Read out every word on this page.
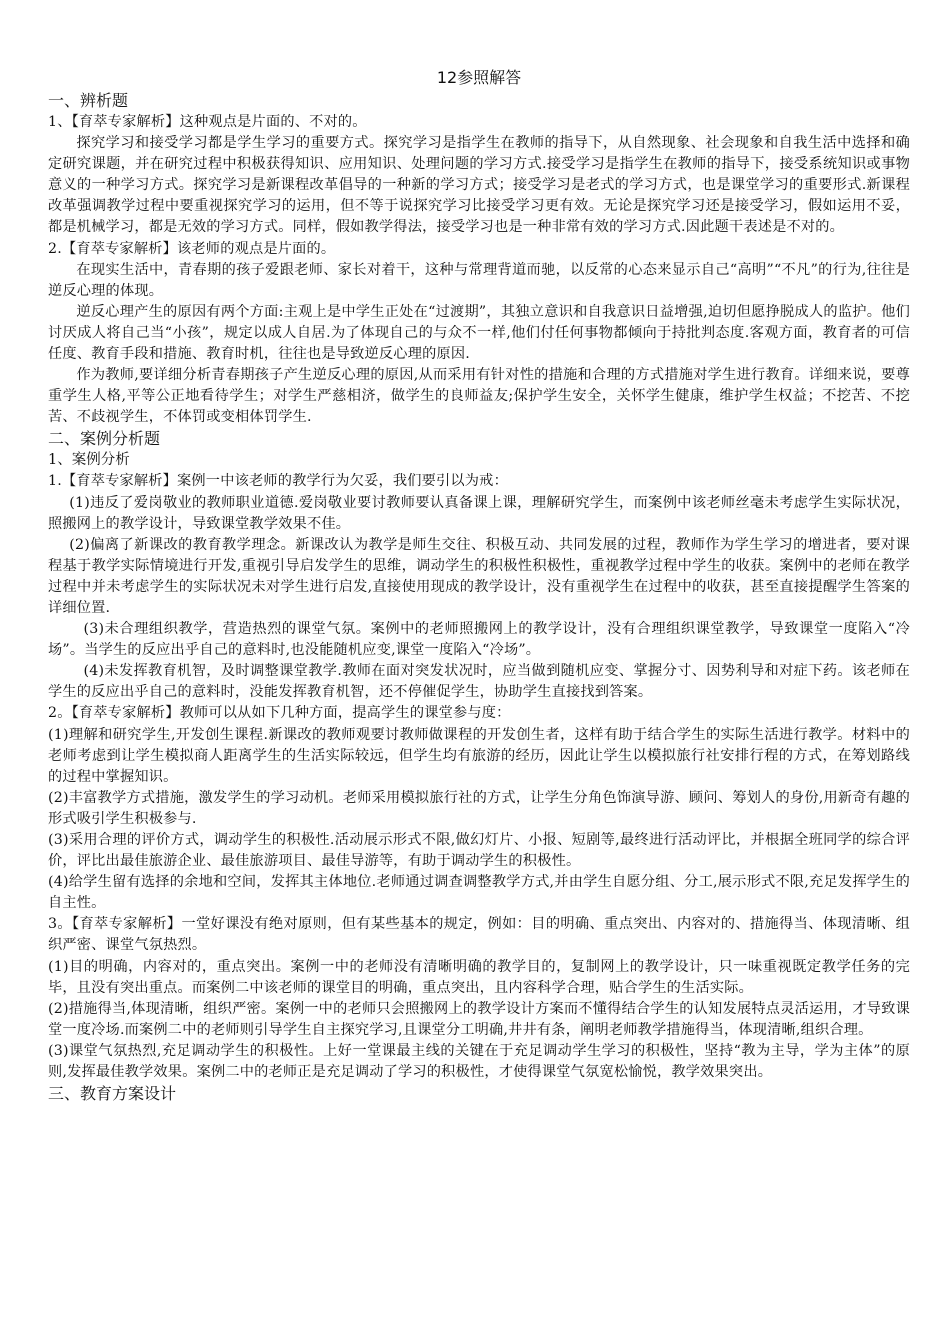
12参照解答
一、辨析题

1、【育萃专家解析】这种观点是片面的、不对的。

探究学习和接受学习都是学生学习的重要方式。探究学习是指学生在教师的指导下，从自然现象、社会现象和自我生活中选择和确定研究课题，并在研究过程中积极获得知识、应用知识、处理问题的学习方式.接受学习是指学生在教师的指导下，接受系统知识或事物意义的一种学习方式。探究学习是新课程改革倡导的一种新的学习方式；接受学习是老式的学习方式，也是课堂学习的重要形式.新课程改革强调教学过程中要重视探究学习的运用，但不等于说探究学习比接受学习更有效。无论是探究学习还是接受学习，假如运用不妥，都是机械学习，都是无效的学习方式。同样，假如教学得法，接受学习也是一种非常有效的学习方式.因此题干表述是不对的。

2.【育萃专家解析】该老师的观点是片面的。

在现实生活中，青春期的孩子爱跟老师、家长对着干，这种与常理背道而驰，以反常的心态来显示自己“高明”“不凡”的行为,往往是逆反心理的体现。

逆反心理产生的原因有两个方面:主观上是中学生正处在“过渡期”，其独立意识和自我意识日益增强,迫切但愿挣脱成人的监护。他们讨厌成人将自己当“小孩”，规定以成人自居.为了体现自己的与众不一样,他们付任何事物都倾向于持批判态度.客观方面，教育者的可信任度、教育手段和措施、教育时机，往往也是导致逆反心理的原因.

作为教师,要详细分析青春期孩子产生逆反心理的原因,从而采用有针对性的措施和合理的方式措施对学生进行教育。详细来说，要尊重学生人格,平等公正地看待学生；对学生严慈相济，做学生的良师益友;保护学生安全，关怀学生健康，维护学生权益；不挖苦、不挖苦、不歧视学生，不体罚或变相体罚学生.

二、案例分析题
1、案例分析

1.【育萃专家解析】案例一中该老师的教学行为欠妥，我们要引以为戒：

(1)违反了爱岗敬业的教师职业道德.爱岗敬业要讨教师要认真备课上课，理解研究学生，而案例中该老师丝毫未考虑学生实际状况，照搬网上的教学设计，导致课堂教学效果不佳。

(2)偏离了新课改的教育教学理念。新课改认为教学是师生交往、积极互动、共同发展的过程，教师作为学生学习的增进者，要对课程基于教学实际情境进行开发,重视引导启发学生的思维，调动学生的积极性积极性，重视教学过程中学生的收获。案例中的老师在教学过程中并未考虑学生的实际状况未对学生进行启发,直接使用现成的教学设计，没有重视学生在过程中的收获，甚至直接提醒学生答案的详细位置.

(3)未合理组织教学，营造热烈的课堂气氛。案例中的老师照搬网上的教学设计，没有合理组织课堂教学，导致课堂一度陷入“冷场”。当学生的反应出乎自己的意料时,也没能随机应变,课堂一度陷入“冷场”。

(4)未发挥教育机智，及时调整课堂教学.教师在面对突发状况时，应当做到随机应变、掌握分寸、因势利导和对症下药。该老师在学生的反应出乎自己的意料时，没能发挥教育机智，还不停催促学生，协助学生直接找到答案。

2。【育萃专家解析】教师可以从如下几种方面，提高学生的课堂参与度：

(1)理解和研究学生,开发创生课程.新课改的教师观要讨教师做课程的开发创生者，这样有助于结合学生的实际生活进行教学。材料中的老师考虑到让学生模拟商人距离学生的生活实际较远，但学生均有旅游的经历，因此让学生以模拟旅行社安排行程的方式，在筹划路线的过程中掌握知识。

(2)丰富教学方式措施，激发学生的学习动机。老师采用模拟旅行社的方式，让学生分角色饰演导游、顾问、筹划人的身份,用新奇有趣的形式吸引学生积极参与.

(3)采用合理的评价方式，调动学生的积极性.活动展示形式不限,做幻灯片、小报、短剧等,最终进行活动评比，并根据全班同学的综合评价，评比出最佳旅游企业、最佳旅游项目、最佳导游等，有助于调动学生的积极性。

(4)给学生留有选择的余地和空间，发挥其主体地位.老师通过调查调整教学方式,并由学生自愿分组、分工,展示形式不限,充足发挥学生的自主性。

3。【育萃专家解析】一堂好课没有绝对原则，但有某些基本的规定，例如：目的明确、重点突出、内容对的、措施得当、体现清晰、组织严密、课堂气氛热烈。

(1)目的明确，内容对的，重点突出。案例一中的老师没有清晰明确的教学目的，复制网上的教学设计，只一味重视既定教学任务的完毕，且没有突出重点。而案例二中该老师的课堂目的明确，重点突出，且内容科学合理，贴合学生的生活实际。

(2)措施得当,体现清晰，组织严密。案例一中的老师只会照搬网上的教学设计方案而不懂得结合学生的认知发展特点灵活运用，才导致课堂一度冷场.而案例二中的老师则引导学生自主探究学习,且课堂分工明确,井井有条，阐明老师教学措施得当，体现清晰,组织合理。

(3)课堂气氛热烈,充足调动学生的积极性。上好一堂课最主线的关键在于充足调动学生学习的积极性，坚持“教为主导，学为主体”的原则,发挥最佳教学效果。案例二中的老师正是充足调动了学习的积极性，才使得课堂气氛宽松愉悦，教学效果突出。

三、教育方案设计
